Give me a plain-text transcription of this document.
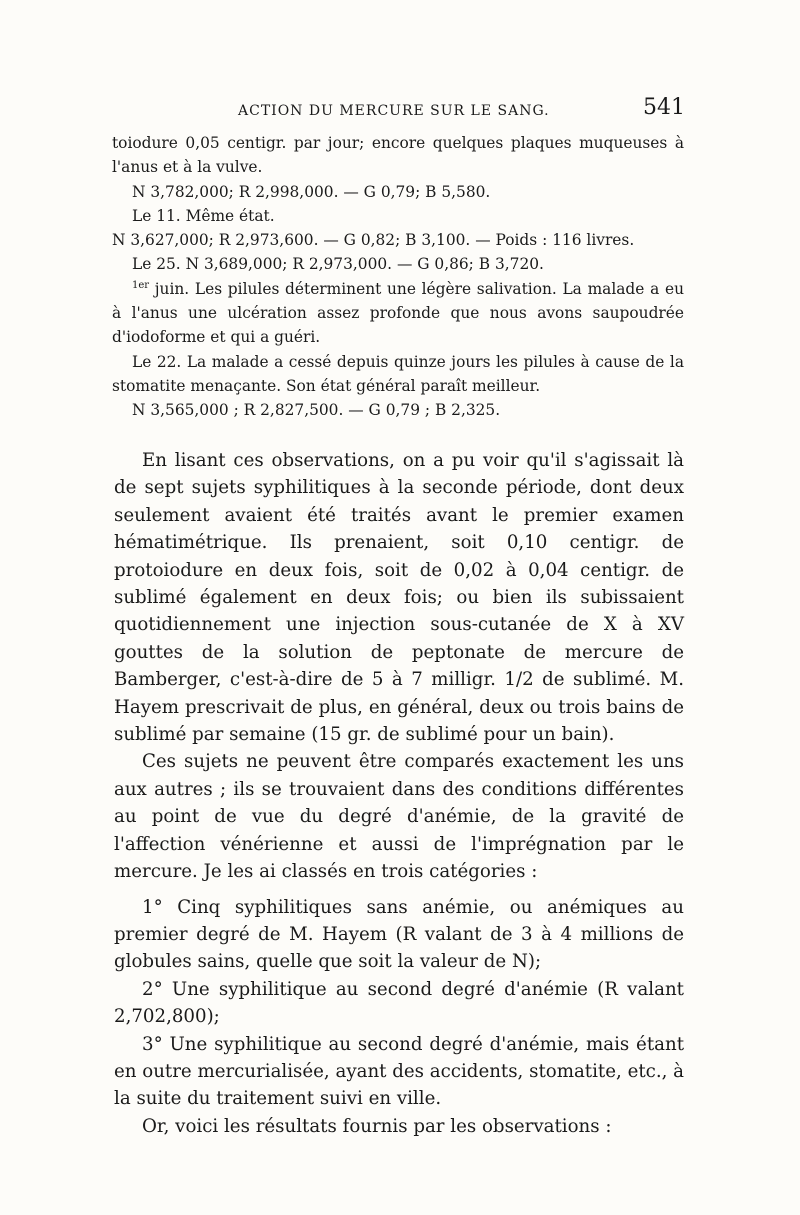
ACTION DU MERCURE SUR LE SANG.	541

toiodure 0,05 centigr. par jour; encore quelques plaques muqueuses à l'anus et à la vulve.

N 3,782,000; R 2,998,000. — G 0,79; B 5,580.

Le 11. Même état.

N 3,627,000; R 2,973,600. — G 0,82; B 3,100. — Poids : 116 livres.

Le 25. N 3,689,000; R 2,973,000. — G 0,86; B 3,720.

$^{1er}$ juin. Les pilules déterminent une légère salivation. La malade a eu à l'anus une ulcération assez profonde que nous avons saupoudrée d'iodoforme et qui a guéri.

Le 22. La malade a cessé depuis quinze jours les pilules à cause de la stomatite menaçante. Son état général paraît meilleur.

N 3,565,000 ; R 2,827,500. — G 0,79 ; B 2,325.

En lisant ces observations, on a pu voir qu'il s'agissait là de sept sujets syphilitiques à la seconde période, dont deux seulement avaient été traités avant le premier examen hématimétrique. Ils prenaient, soit 0,10 centigr. de protoiodure en deux fois, soit de 0,02 à 0,04 centigr. de sublimé également en deux fois; ou bien ils subissaient quotidiennement une injection sous-cutanée de X à XV gouttes de la solution de peptonate de mercure de Bamberger, c'est-à-dire de 5 à 7 milligr. 1/2 de sublimé. M. Hayem prescrivait de plus, en général, deux ou trois bains de sublimé par semaine (15 gr. de sublimé pour un bain).

Ces sujets ne peuvent être comparés exactement les uns aux autres ; ils se trouvaient dans des conditions différentes au point de vue du degré d'anémie, de la gravité de l'affection vénérienne et aussi de l'imprégnation par le mercure. Je les ai classés en trois catégories :

1° Cinq syphilitiques sans anémie, ou anémiques au premier degré de M. Hayem (R valant de 3 à 4 millions de globules sains, quelle que soit la valeur de N);

2° Une syphilitique au second degré d'anémie (R valant 2,702,800);

3° Une syphilitique au second degré d'anémie, mais étant en outre mercurialisée, ayant des accidents, stomatite, etc., à la suite du traitement suivi en ville.

Or, voici les résultats fournis par les observations :
